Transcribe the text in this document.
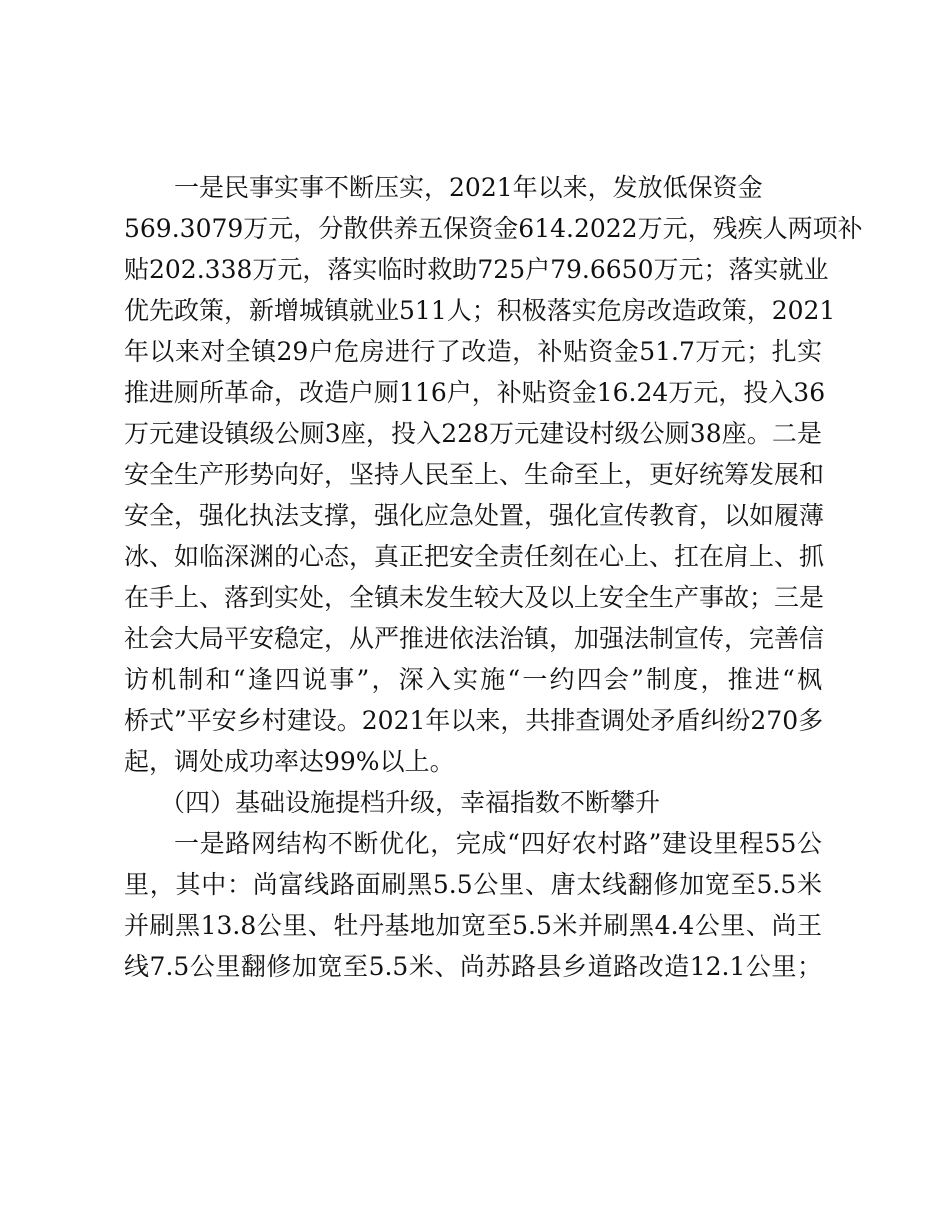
一是民事实事不断压实，2021年以来，发放低保资金
569.3079万元，分散供养五保资金614.2022万元，残疾人两项补
贴202.338万元，落实临时救助725户79.6650万元；落实就业
优先政策，新增城镇就业511人；积极落实危房改造政策，2021
年以来对全镇29户危房进行了改造，补贴资金51.7万元；扎实
推进厕所革命，改造户厕116户，补贴资金16.24万元，投入36
万元建设镇级公厕3座，投入228万元建设村级公厕38座。二是
安全生产形势向好，坚持人民至上、生命至上，更好统筹发展和
安全，强化执法支撑，强化应急处置，强化宣传教育，以如履薄
冰、如临深渊的心态，真正把安全责任刻在心上、扛在肩上、抓
在手上、落到实处，全镇未发生较大及以上安全生产事故；三是
社会大局平安稳定，从严推进依法治镇，加强法制宣传，完善信
访机制和“逢四说事”，深入实施“一约四会”制度，推进“枫
桥式”平安乡村建设。2021年以来，共排查调处矛盾纠纷270多
起，调处成功率达99%以上。
（四）基础设施提档升级，幸福指数不断攀升
一是路网结构不断优化，完成“四好农村路”建设里程55公
里，其中：尚富线路面刷黑5.5公里、唐太线翻修加宽至5.5米
并刷黑13.8公里、牡丹基地加宽至5.5米并刷黑4.4公里、尚王
线7.5公里翻修加宽至5.5米、尚苏路县乡道路改造12.1公里；
